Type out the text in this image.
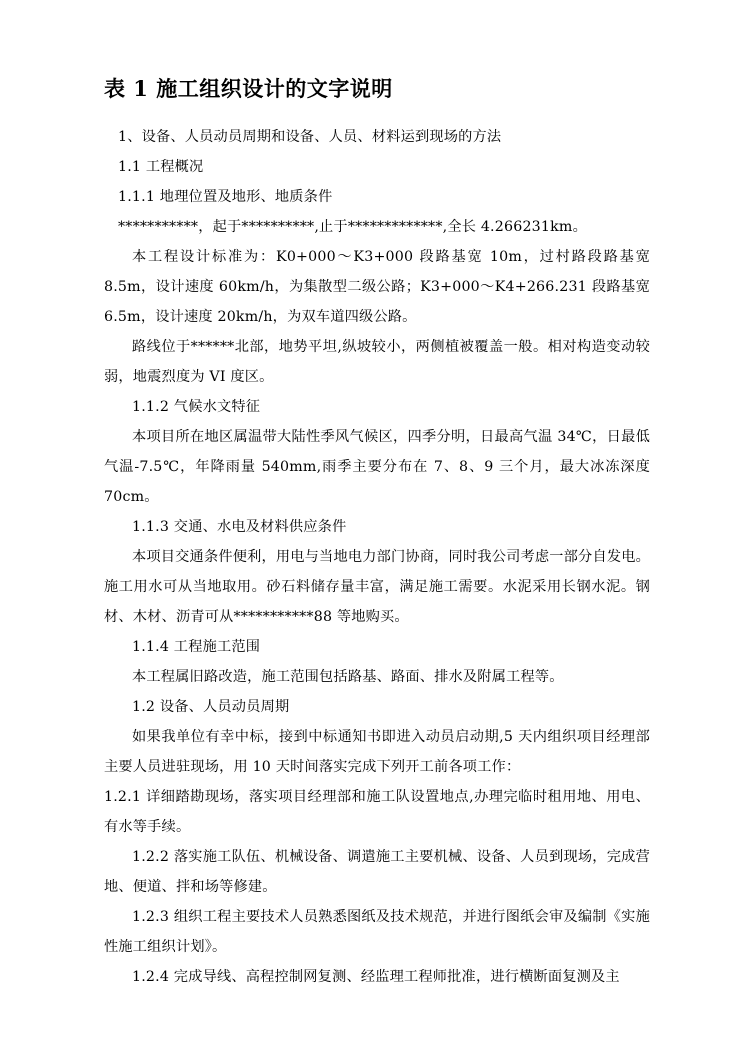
表 1 施工组织设计的文字说明

1、设备、人员动员周期和设备、人员、材料运到现场的方法

1.1 工程概况

1.1.1 地理位置及地形、地质条件

***********，起于**********,止于*************,全长 4.266231km。

本工程设计标准为：K0+000～K3+000 段路基宽 10m，过村路段路基宽 8.5m，设计速度 60km/h，为集散型二级公路；K3+000～K4+266.231 段路基宽 6.5m，设计速度 20km/h，为双车道四级公路。

路线位于******北部，地势平坦,纵坡较小，两侧植被覆盖一般。相对构造变动较弱，地震烈度为 VI 度区。

1.1.2 气候水文特征

本项目所在地区属温带大陆性季风气候区，四季分明，日最高气温 34℃，日最低气温-7.5℃，年降雨量 540mm,雨季主要分布在 7、8、9 三个月，最大冰冻深度 70cm。

1.1.3 交通、水电及材料供应条件

本项目交通条件便利，用电与当地电力部门协商，同时我公司考虑一部分自发电。施工用水可从当地取用。砂石料储存量丰富，满足施工需要。水泥采用长钢水泥。钢材、木材、沥青可从***********88 等地购买。

1.1.4 工程施工范围

本工程属旧路改造，施工范围包括路基、路面、排水及附属工程等。

1.2 设备、人员动员周期

如果我单位有幸中标，接到中标通知书即进入动员启动期,5 天内组织项目经理部主要人员进驻现场，用 10 天时间落实完成下列开工前各项工作：

1.2.1 详细踏勘现场，落实项目经理部和施工队设置地点,办理完临时租用地、用电、有水等手续。

1.2.2 落实施工队伍、机械设备、调遣施工主要机械、设备、人员到现场，完成营地、便道、拌和场等修建。

1.2.3 组织工程主要技术人员熟悉图纸及技术规范，并进行图纸会审及编制《实施性施工组织计划》。

1.2.4 完成导线、高程控制网复测、经监理工程师批准，进行横断面复测及主
